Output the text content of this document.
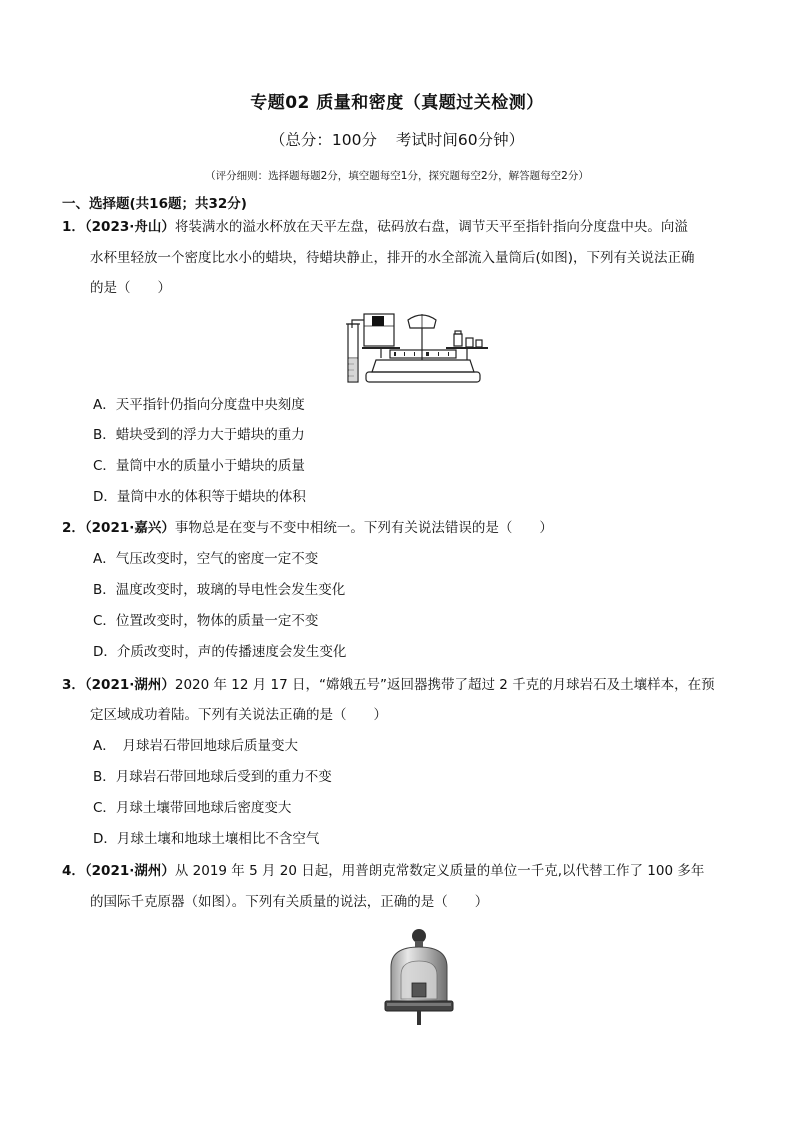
专题02 质量和密度（真题过关检测）
（总分：100分 考试时间60分钟）
（评分细则：选择题每题2分，填空题每空1分，探究题每空2分，解答题每空2分）
一、选择题(共16题；共32分)
1．（2023·舟山）将装满水的溢水杯放在天平左盘，砝码放右盘，调节天平至指针指向分度盘中央。向溢
水杯里轻放一个密度比水小的蜡块，待蜡块静止，排开的水全部流入量筒后(如图)，下列有关说法正确
的是（　　）
A．天平指针仍指向分度盘中央刻度
B．蜡块受到的浮力大于蜡块的重力
C．量筒中水的质量小于蜡块的质量
D．量筒中水的体积等于蜡块的体积
2．（2021·嘉兴）事物总是在变与不变中相统一。下列有关说法错误的是（　　）
A．气压改变时，空气的密度一定不变
B．温度改变时，玻璃的导电性会发生变化
C．位置改变时，物体的质量一定不变
D．介质改变时，声的传播速度会发生变化
3．（2021·湖州）2020 年 12 月 17 日，“嫦娥五号”返回器携带了超过 2 千克的月球岩石及土壤样本，在预
定区域成功着陆。下列有关说法正确的是（　　）
A．　月球岩石带回地球后质量变大
B．月球岩石带回地球后受到的重力不变
C．月球土壤带回地球后密度变大
D．月球土壤和地球土壤相比不含空气
4．（2021·湖州）从 2019 年 5 月 20 日起，用普朗克常数定义质量的单位一千克,以代替工作了 100 多年
的国际千克原器（如图）。下列有关质量的说法，正确的是（　　）
